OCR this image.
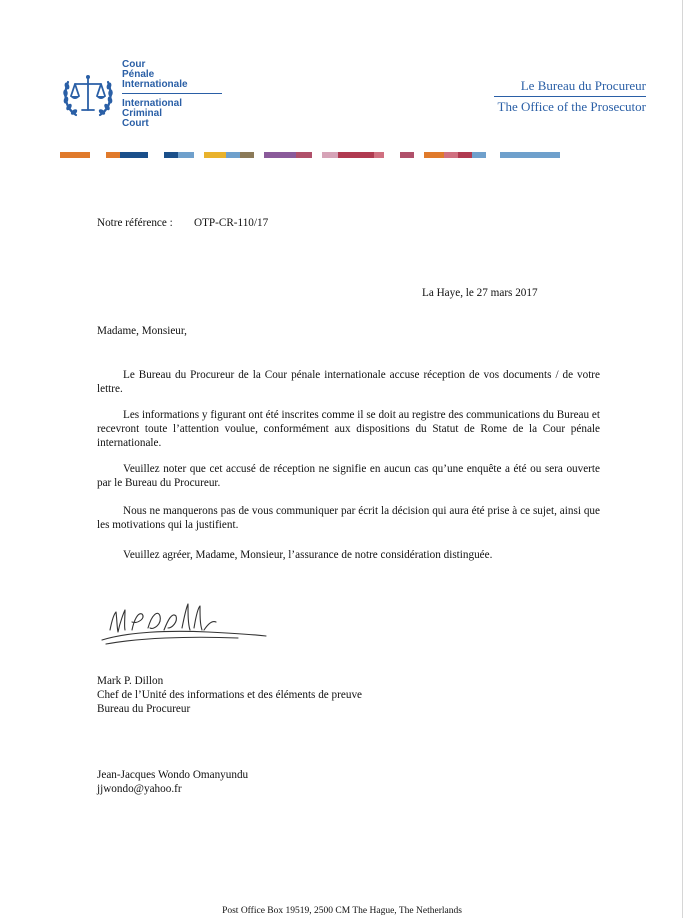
Cour
Pénale
Internationale
International
Criminal
Court
Le Bureau du Procureur
The Office of the Prosecutor
Notre référence : OTP-CR-110/17
La Haye, le 27 mars 2017
Madame, Monsieur,
Le Bureau du Procureur de la Cour pénale internationale accuse réception de vos documents / de votre lettre.
Les informations y figurant ont été inscrites comme il se doit au registre des communications du Bureau et recevront toute l’attention voulue, conformément aux dispositions du Statut de Rome de la Cour pénale internationale.
Veuillez noter que cet accusé de réception ne signifie en aucun cas qu’une enquête a été ou sera ouverte par le Bureau du Procureur.
Nous ne manquerons pas de vous communiquer par écrit la décision qui aura été prise à ce sujet, ainsi que les motivations qui la justifient.
Veuillez agréer, Madame, Monsieur, l’assurance de notre considération distinguée.
Mark P. Dillon
Chef de l’Unité des informations et des éléments de preuve
Bureau du Procureur
Jean-Jacques Wondo Omanyundu
jjwondo@yahoo.fr
Post Office Box 19519, 2500 CM The Hague, The Netherlands
